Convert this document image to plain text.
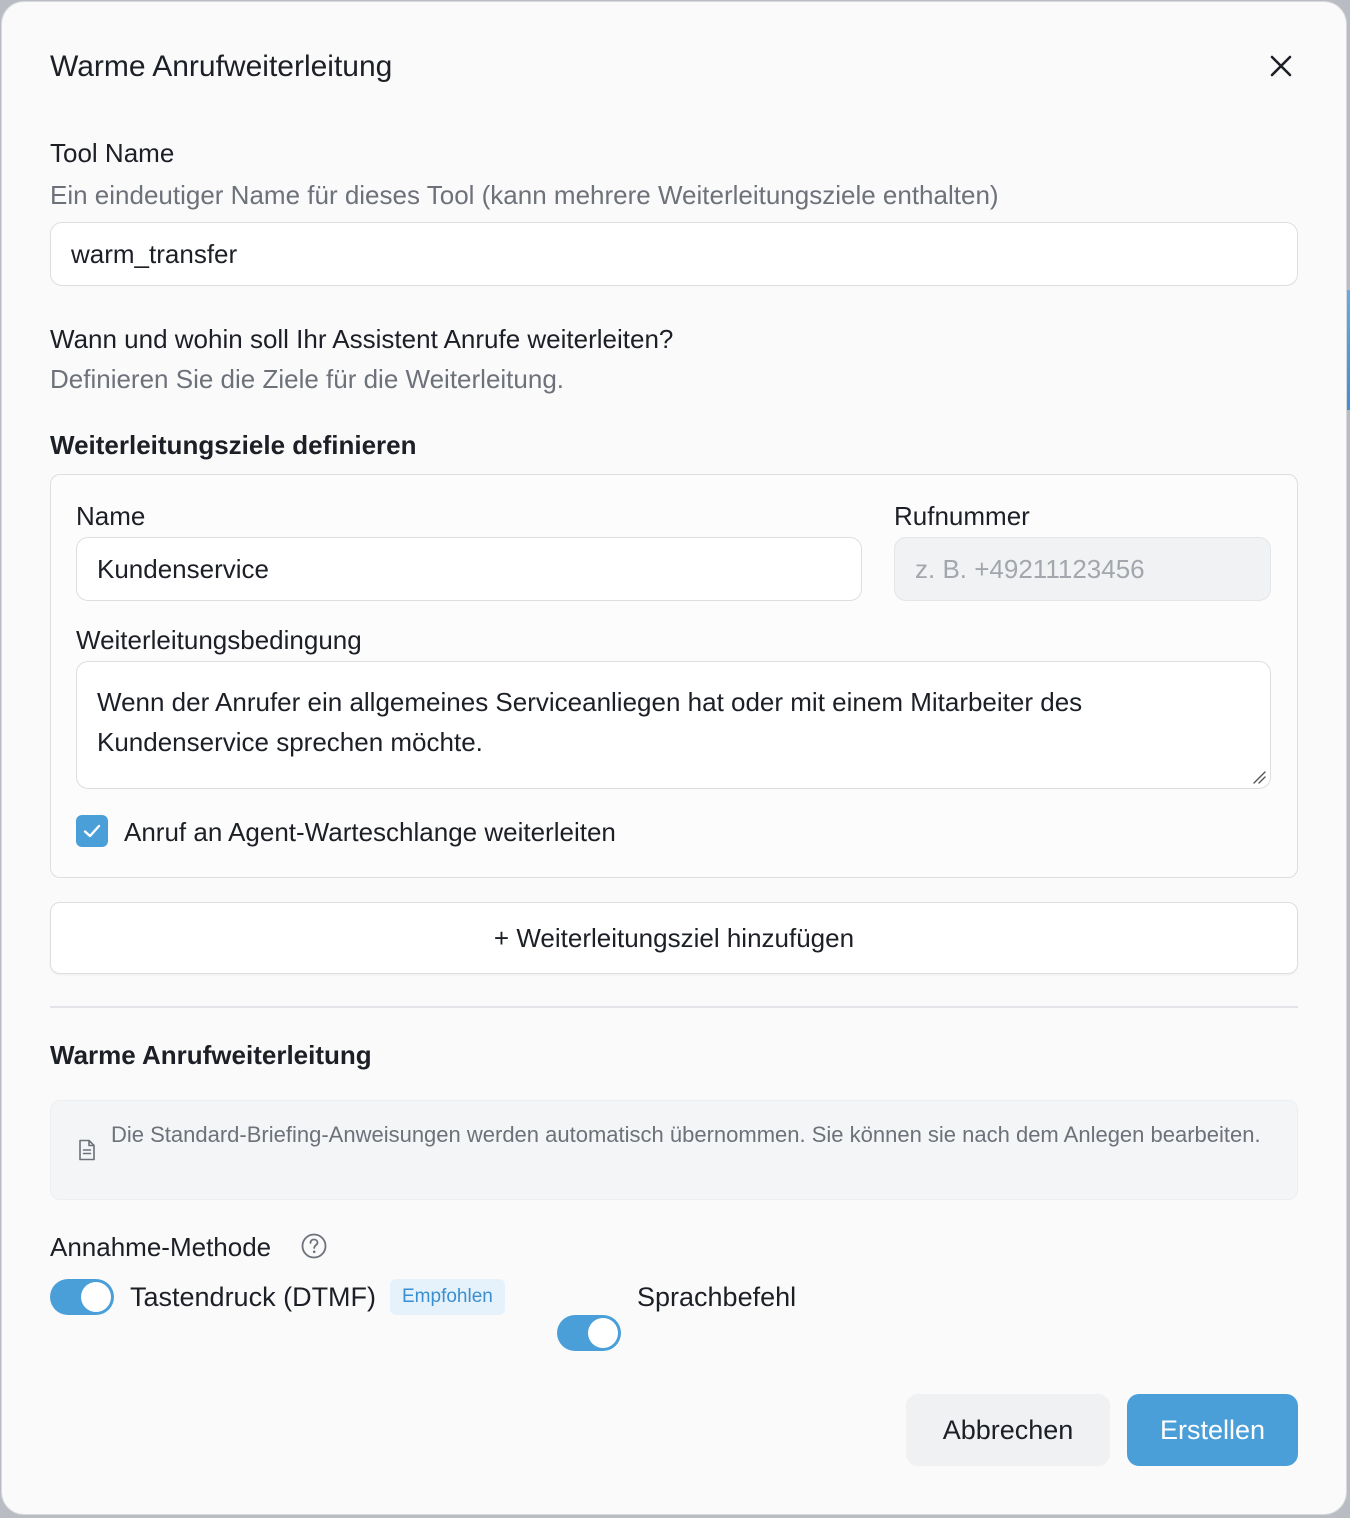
Warme Anrufweiterleitung
Tool Name
Ein eindeutiger Name für dieses Tool (kann mehrere Weiterleitungsziele enthalten)
warm_transfer
Wann und wohin soll Ihr Assistent Anrufe weiterleiten?
Definieren Sie die Ziele für die Weiterleitung.
Weiterleitungsziele definieren
Name
Kundenservice
Rufnummer
z. B. +49211123456
Weiterleitungsbedingung
Wenn der Anrufer ein allgemeines Serviceanliegen hat oder mit einem Mitarbeiter des
Kundenservice sprechen möchte.
Anruf an Agent-Warteschlange weiterleiten
+ Weiterleitungsziel hinzufügen
Warme Anrufweiterleitung
Die Standard-Briefing-Anweisungen werden automatisch übernommen. Sie können sie nach dem Anlegen bearbeiten.
Annahme-Methode
Tastendruck (DTMF)	Empfohlen	Sprachbefehl
Abbrechen	Erstellen
